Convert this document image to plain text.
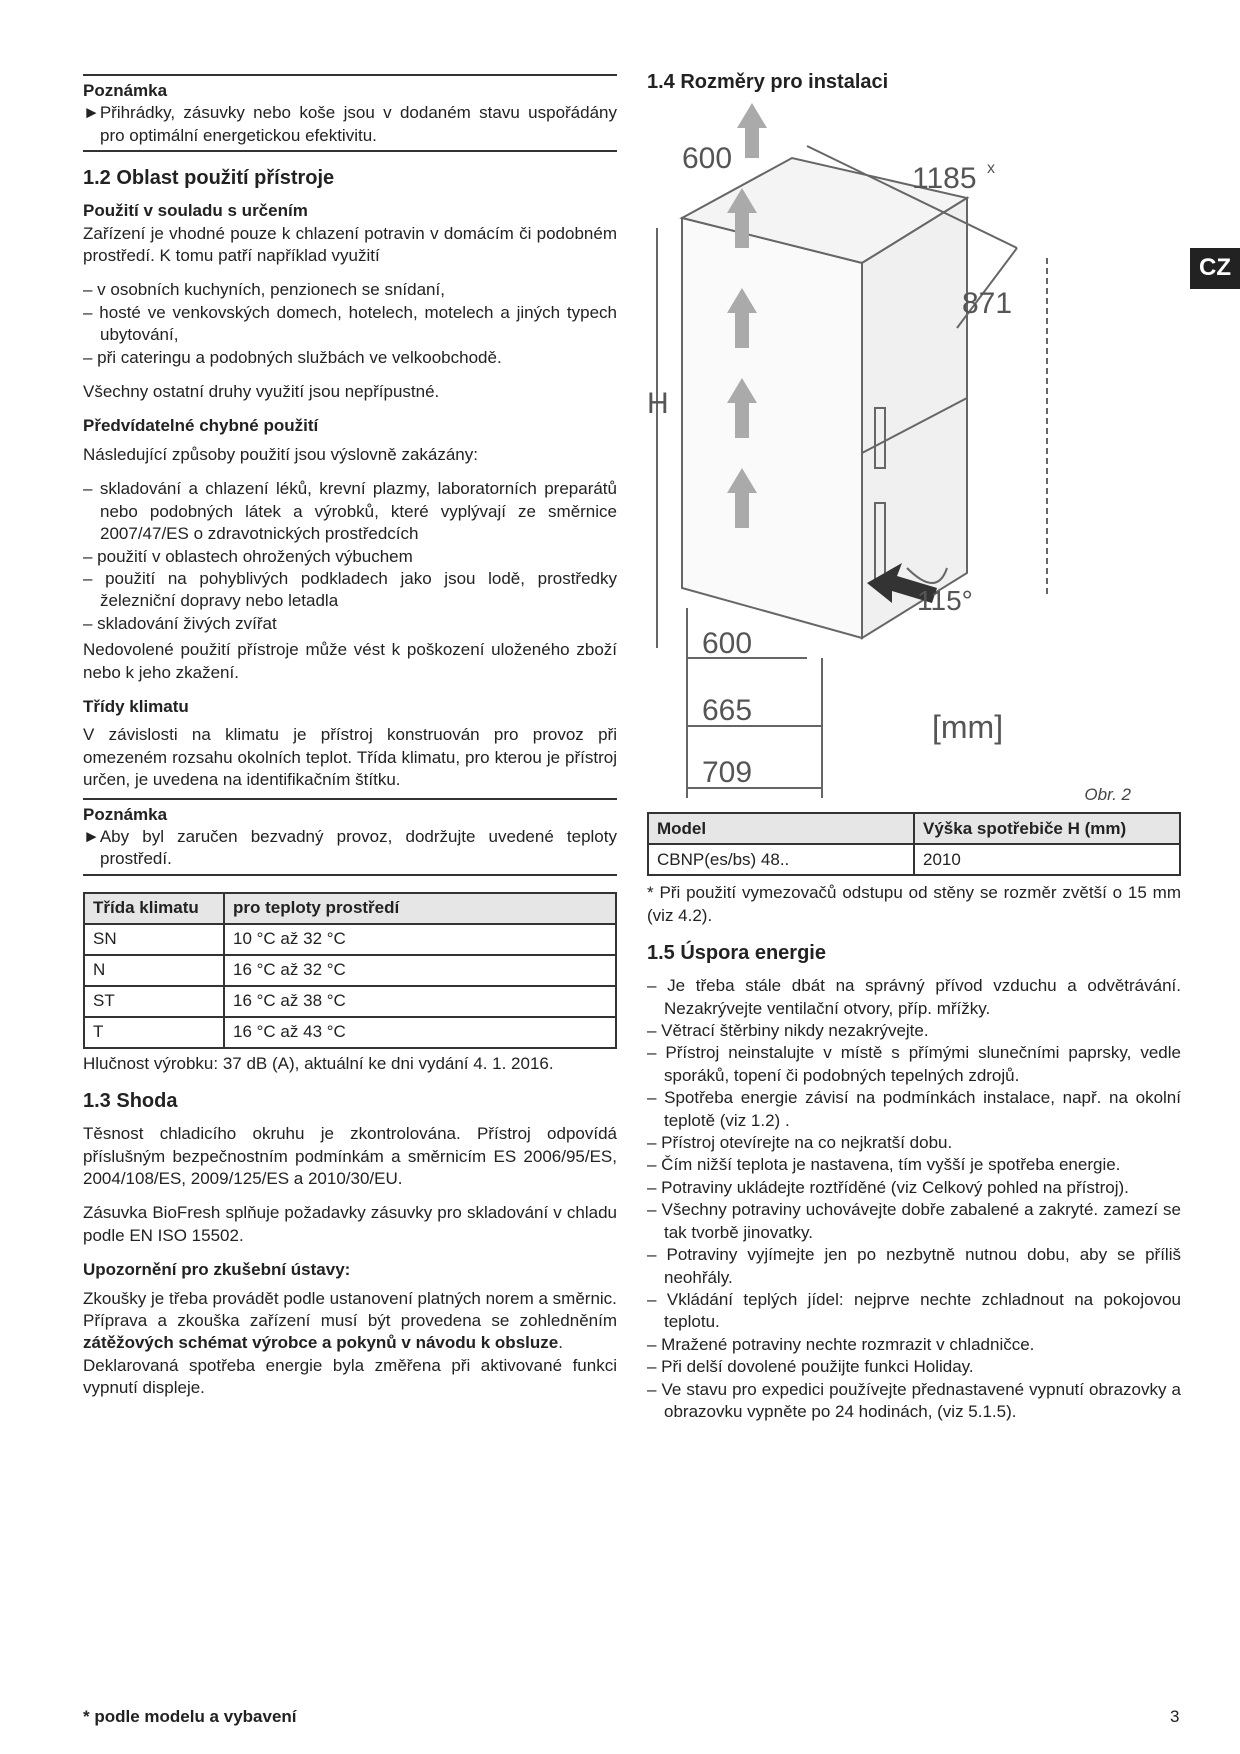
CZ
Poznámka
►Přihrádky, zásuvky nebo koše jsou v dodaném stavu uspořádány pro optimální energetickou efektivitu.
1.2 Oblast použití přístroje
Použití v souladu s určením

Zařízení je vhodné pouze k chlazení potravin v domácím či podobném prostředí. K tomu patří například využití

– v osobních kuchyních, penzionech se snídaní,
– hosté ve venkovských domech, hotelech, motelech a jiných typech ubytování,
– při cateringu a podobných službách ve velkoobchodě.

Všechny ostatní druhy využití jsou nepřípustné.

Předvídatelné chybné použití

Následující způsoby použití jsou výslovně zakázány:

– skladování a chlazení léků, krevní plazmy, laboratorních preparátů nebo podobných látek a výrobků, které vyplývají ze směrnice 2007/47/ES o zdravotnických prostředcích
– použití v oblastech ohrožených výbuchem
– použití na pohyblivých podkladech jako jsou lodě, prostředky železniční dopravy nebo letadla
– skladování živých zvířat

Nedovolené použití přístroje může vést k poškození uloženého zboží nebo k jeho zkažení.

Třídy klimatu

V závislosti na klimatu je přístroj konstruován pro provoz při omezeném rozsahu okolních teplot. Třída klimatu, pro kterou je přístroj určen, je uvedena na identifikačním štítku.

Poznámka
►Aby byl zaručen bezvadný provoz, dodržujte uvedené teploty prostředí.
Třída klimatu	pro teploty prostředí
SN	10 °C až 32 °C
N	16 °C až 32 °C
ST	16 °C až 38 °C
T	16 °C až 43 °C

Hlučnost výrobku: 37 dB (A), aktuální ke dni vydání 4. 1. 2016.

1.3 Shoda

Těsnost chladicího okruhu je zkontrolována. Přístroj odpovídá příslušným bezpečnostním podmínkám a směrnicím ES 2006/95/ES, 2004/108/ES, 2009/125/ES a 2010/30/EU.

Zásuvka BioFresh splňuje požadavky zásuvky pro skladování v chladu podle EN ISO 15502.

Upozornění pro zkušební ústavy:

Zkoušky je třeba provádět podle ustanovení platných norem a směrnic.

Příprava a zkouška zařízení musí být provedena se zohledněním zátěžových schémat výrobce a pokynů v návodu k obsluze.

Deklarovaná spotřeba energie byla změřena při aktivované funkci vypnutí displeje.

1.4 Rozměry pro instalaci
600
1185 x
871
H
115°
600
665
709
[mm]
Obr. 2
Model	Výška spotřebiče H (mm)
CBNP(es/bs) 48..	2010

* Při použití vymezovačů odstupu od stěny se rozměr zvětší o 15 mm (viz 4.2).

1.5 Úspora energie
– Je třeba stále dbát na správný přívod vzduchu a odvětrávání. Nezakrývejte ventilační otvory, příp. mřížky.
– Větrací štěrbiny nikdy nezakrývejte.
– Přístroj neinstalujte v místě s přímými slunečními paprsky, vedle sporáků, topení či podobných tepelných zdrojů.
– Spotřeba energie závisí na podmínkách instalace, např. na okolní teplotě (viz 1.2) .
– Přístroj otevírejte na co nejkratší dobu.
– Čím nižší teplota je nastavena, tím vyšší je spotřeba energie.
– Potraviny ukládejte roztříděné (viz Celkový pohled na přístroj).
– Všechny potraviny uchovávejte dobře zabalené a zakryté. zamezí se tak tvorbě jinovatky.
– Potraviny vyjímejte jen po nezbytně nutnou dobu, aby se příliš neohřály.
– Vkládání teplých jídel: nejprve nechte zchladnout na pokojovou teplotu.
– Mražené potraviny nechte rozmrazit v chladničce.
– Při delší dovolené použijte funkci Holiday.
– Ve stavu pro expedici používejte přednastavené vypnutí obrazovky a obrazovku vypněte po 24 hodinách, (viz 5.1.5).
* podle modelu a vybavení	3
